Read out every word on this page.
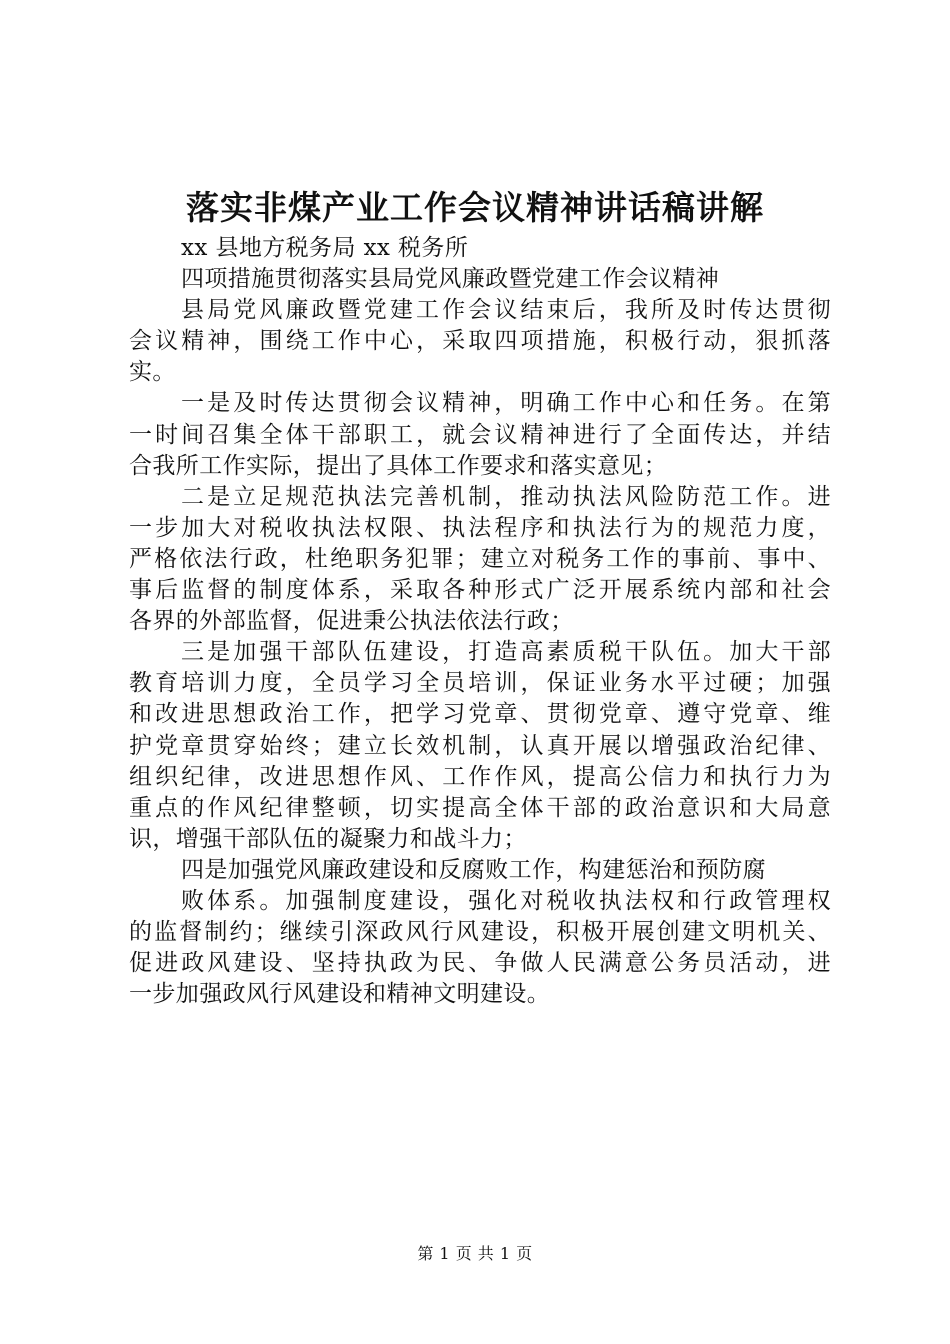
落实非煤产业工作会议精神讲话稿讲解
xx 县地方税务局 xx 税务所
四项措施贯彻落实县局党风廉政暨党建工作会议精神
县局党风廉政暨党建工作会议结束后，我所及时传达贯彻
会议精神，围绕工作中心，采取四项措施，积极行动，狠抓落
实。
一是及时传达贯彻会议精神，明确工作中心和任务。在第
一时间召集全体干部职工，就会议精神进行了全面传达，并结
合我所工作实际，提出了具体工作要求和落实意见；
二是立足规范执法完善机制，推动执法风险防范工作。进
一步加大对税收执法权限、执法程序和执法行为的规范力度，
严格依法行政，杜绝职务犯罪；建立对税务工作的事前、事中、
事后监督的制度体系，采取各种形式广泛开展系统内部和社会
各界的外部监督，促进秉公执法依法行政；
三是加强干部队伍建设，打造高素质税干队伍。加大干部
教育培训力度，全员学习全员培训，保证业务水平过硬；加强
和改进思想政治工作，把学习党章、贯彻党章、遵守党章、维
护党章贯穿始终；建立长效机制，认真开展以增强政治纪律、
组织纪律，改进思想作风、工作作风，提高公信力和执行力为
重点的作风纪律整顿，切实提高全体干部的政治意识和大局意
识，增强干部队伍的凝聚力和战斗力；
四是加强党风廉政建设和反腐败工作，构建惩治和预防腐
败体系。加强制度建设，强化对税收执法权和行政管理权
的监督制约；继续引深政风行风建设，积极开展创建文明机关、
促进政风建设、坚持执政为民、争做人民满意公务员活动，进
一步加强政风行风建设和精神文明建设。
第 1 页 共 1 页
